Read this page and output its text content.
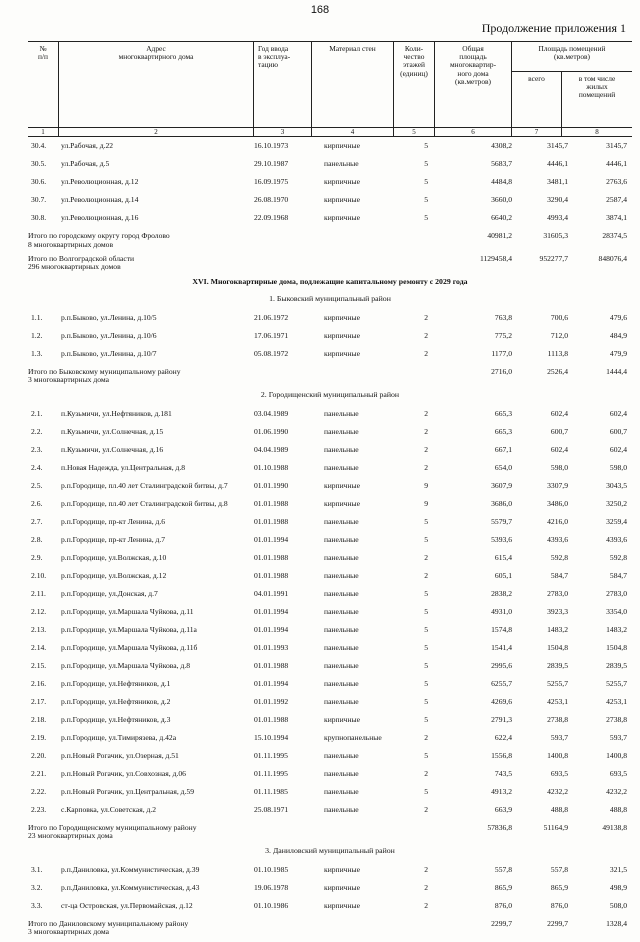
168
Продолжение приложения 1
№
п/п
Адрес
многоквартирного дома
Год ввода
в эксплуа-
тацию
Материал стен	Коли-
чество
этажей
(единиц)
Общая
площадь
многоквартир-
ного дома
(кв.метров)
Площадь помещений
(кв.метров)
всего	в том числе
жилых
помещений
1	2	3	4	5	6	7	8
30.4. ул.Рабочая, д.22	16.10.1973	кирпичные	5	4308,2	3145,7	3145,7
30.5. ул.Рабочая, д.5	29.10.1987	панельные	5	5683,7	4446,1	4446,1
30.6. ул.Революционная, д.12	16.09.1975	кирпичные	5	4484,8	3481,1	2763,6
30.7. ул.Революционная, д.14	26.08.1970	кирпичные	5	3660,0	3290,4	2587,4
30.8. ул.Революционная, д.16	22.09.1968	кирпичные	5	6640,2	4993,4	3874,1
Итого по городскому округу город Фролово
8 многоквартирных домов
40981,2	31605,3	28374,5
Итого по Волгоградской области
296 многоквартирных домов
1129458,4	952277,7	848076,4
XVI. Многоквартирные дома, подлежащие капитальному ремонту с 2029 года
1. Быковский муниципальный район
1.1. р.п.Быково, ул.Ленина, д.10/5	21.06.1972	кирпичные	2	763,8	700,6	479,6
1.2. р.п.Быково, ул.Ленина, д.10/6	17.06.1971	кирпичные	2	775,2	712,0	484,9
1.3. р.п.Быково, ул.Ленина, д.10/7	05.08.1972	кирпичные	2	1177,0	1113,8	479,9
Итого по Быковскому муниципальному району
3 многоквартирных дома
2716,0	2526,4	1444,4
2. Городищенский муниципальный район
2.1. п.Кузьмичи, ул.Нефтяников, д.181	03.04.1989	панельные	2	665,3	602,4	602,4
2.2. п.Кузьмичи, ул.Солнечная, д.15	01.06.1990	панельные	2	665,3	600,7	600,7
2.3. п.Кузьмичи, ул.Солнечная, д.16	04.04.1989	панельные	2	667,1	602,4	602,4
2.4. п.Новая Надежда, ул.Центральная, д.8	01.10.1988	панельные	2	654,0	598,0	598,0
2.5. р.п.Городище, пл.40 лет Сталинградской битвы, д.7	01.01.1990	кирпичные	9	3607,9	3307,9	3043,5
2.6. р.п.Городище, пл.40 лет Сталинградской битвы, д.8	01.01.1988	кирпичные	9	3686,0	3486,0	3250,2
2.7. р.п.Городище, пр-кт Ленина, д.6	01.01.1988	панельные	5	5579,7	4216,0	3259,4
2.8. р.п.Городище, пр-кт Ленина, д.7	01.01.1994	панельные	5	5393,6	4393,6	4393,6
2.9. р.п.Городище, ул.Волжская, д.10	01.01.1988	панельные	2	615,4	592,8	592,8
2.10. р.п.Городище, ул.Волжская, д.12	01.01.1988	панельные	2	605,1	584,7	584,7
2.11. р.п.Городище, ул.Донская, д.7	04.01.1991	панельные	5	2838,2	2783,0	2783,0
2.12. р.п.Городище, ул.Маршала Чуйкова, д.11	01.01.1994	панельные	5	4931,0	3923,3	3354,0
2.13. р.п.Городище, ул.Маршала Чуйкова, д.11а	01.01.1994	панельные	5	1574,8	1483,2	1483,2
2.14. р.п.Городище, ул.Маршала Чуйкова, д.11б	01.01.1993	панельные	5	1541,4	1504,8	1504,8
2.15. р.п.Городище, ул.Маршала Чуйкова, д.8	01.01.1988	панельные	5	2995,6	2839,5	2839,5
2.16. р.п.Городище, ул.Нефтяников, д.1	01.01.1994	панельные	5	6255,7	5255,7	5255,7
2.17. р.п.Городище, ул.Нефтяников, д.2	01.01.1992	панельные	5	4269,6	4253,1	4253,1
2.18. р.п.Городище, ул.Нефтяников, д.3	01.01.1988	кирпичные	5	2791,3	2738,8	2738,8
2.19. р.п.Городище, ул.Тимирязева, д.42а	15.10.1994	крупнопанельные	2	622,4	593,7	593,7
2.20. р.п.Новый Рогачик, ул.Озерная, д.51	01.11.1995	панельные	5	1556,8	1400,8	1400,8
2.21. р.п.Новый Рогачик, ул.Совхозная, д.06	01.11.1995	панельные	2	743,5	693,5	693,5
2.22. р.п.Новый Рогачик, ул.Центральная, д.59	01.11.1985	панельные	5	4913,2	4232,2	4232,2
2.23. с.Карповка, ул.Советская, д.2	25.08.1971	панельные	2	663,9	488,8	488,8
Итого по Городищенскому муниципальному району
23 многоквартирных дома
57836,8	51164,9	49138,8
3. Даниловский муниципальный район
3.1. р.п.Даниловка, ул.Коммунистическая, д.39	01.10.1985	кирпичные	2	557,8	557,8	321,5
3.2. р.п.Даниловка, ул.Коммунистическая, д.43	19.06.1978	кирпичные	2	865,9	865,9	498,9
3.3. ст-ца Островская, ул.Первомайская, д.12	01.10.1986	кирпичные	2	876,0	876,0	508,0
Итого по Даниловскому муниципальному району
3 многоквартирных дома
2299,7	2299,7	1328,4
